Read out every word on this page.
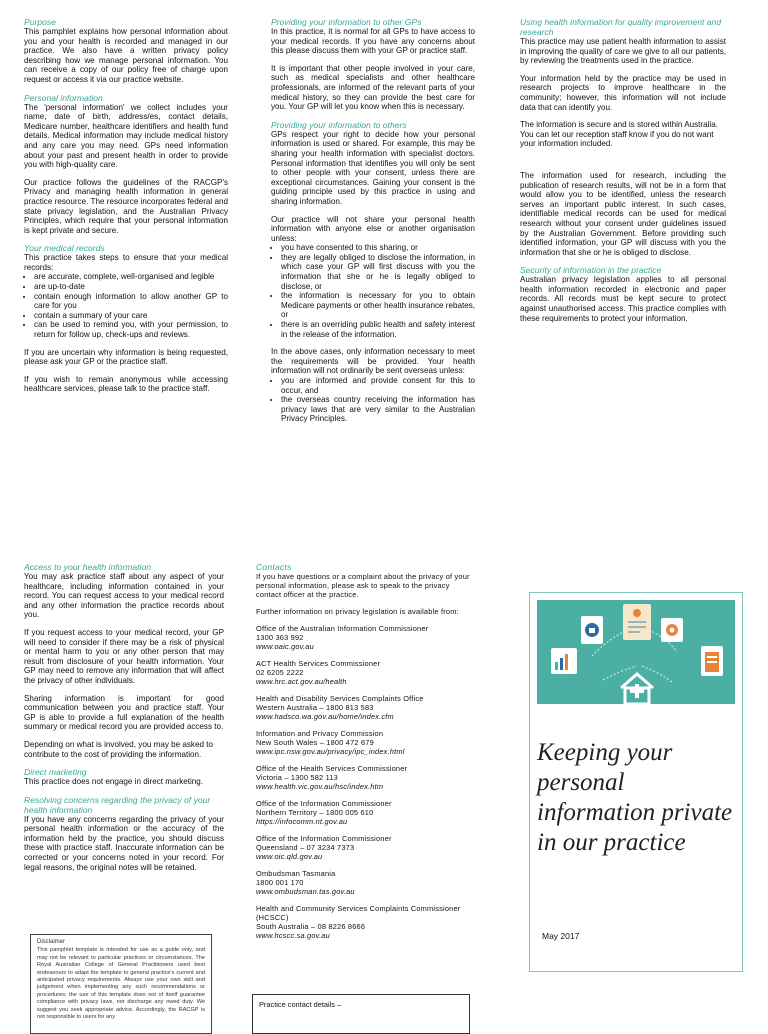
Purpose

This pamphlet explains how personal information about you and your health is recorded and managed in our practice. We also have a written privacy policy describing how we manage personal information. You can receive a copy of our policy free of charge upon request or access it via our practice website.

Personal information

The 'personal information' we collect includes your name, date of birth, address/es, contact details, Medicare number, healthcare identifiers and health fund details. Medical information may include medical history and any care you may need. GPs need information about your past and present health in order to provide you with high-quality care.

Our practice follows the guidelines of the RACGP's Privacy and managing health information in general practice resource. The resource incorporates federal and state privacy legislation, and the Australian Privacy Principles, which require that your personal information is kept private and secure.

Your medical records

This practice takes steps to ensure that your medical records:

• are accurate, complete, well-organised and legible
• are up-to-date
• contain enough information to allow another GP to care for you
• contain a summary of your care
• can be used to remind you, with your permission, to return for follow up, check-ups and reviews.

If you are uncertain why information is being requested, please ask your GP or the practice staff.

If you wish to remain anonymous while accessing healthcare services, please talk to the practice staff.

Providing your information to other GPs

In this practice, it is normal for all GPs to have access to your medical records. If you have any concerns about this please discuss them with your GP or practice staff.

It is important that other people involved in your care, such as medical specialists and other healthcare professionals, are informed of the relevant parts of your medical history, so they can provide the best care for you. Your GP will let you know when this is necessary.

Providing your information to others

GPs respect your right to decide how your personal information is used or shared. For example, this may be sharing your health information with specialist doctors. Personal information that identifies you will only be sent to other people with your consent, unless there are exceptional circumstances. Gaining your consent is the guiding principle used by this practice in using and sharing information.

Our practice will not share your personal health information with anyone else or another organisation unless:

• you have consented to this sharing, or
• they are legally obliged to disclose the information, in which case your GP will first discuss with you the information that she or he is legally obliged to disclose, or
• the information is necessary for you to obtain Medicare payments or other health insurance rebates, or
• there is an overriding public health and safety interest in the release of the information.

In the above cases, only information necessary to meet the requirements will be provided. Your health information will not ordinarily be sent overseas unless:

• you are informed and provide consent for this to occur, and
• the overseas country receiving the information has privacy laws that are very similar to the Australian Privacy Principles.
Using health information for quality improvement and research

This practice may use patient health information to assist in improving the quality of care we give to all our patients, by reviewing the treatments used in the practice.

Your information held by the practice may be used in research projects to improve healthcare in the community; however, this information will not include data that can identify you.

The information is secure and is stored within Australia. You can let our reception staff know if you do not want your information included.

The information used for research, including the publication of research results, will not be in a form that would allow you to be identified, unless the research serves an important public interest. In such cases, identifiable medical records can be used for medical research without your consent under guidelines issued by the Australian Government. Before providing such identified information, your GP will discuss with you the information that she or he is obliged to disclose.

Security of information in the practice

Australian privacy legislation applies to all personal health information recorded in electronic and paper records. All records must be kept secure to protect against unauthorised access. This practice complies with these requirements to protect your information.

Access to your health information

You may ask practice staff about any aspect of your healthcare, including information contained in your record. You can request access to your medical record and any other information the practice records about you.

If you request access to your medical record, your GP will need to consider if there may be a risk of physical or mental harm to you or any other person that may result from disclosure of your health information. Your GP may need to remove any information that will affect the privacy of other individuals.

Sharing information is important for good communication between you and practice staff. Your GP is able to provide a full explanation of the health summary or medical record you are provided access to.

Depending on what is involved, you may be asked to contribute to the cost of providing the information.

Direct marketing

This practice does not engage in direct marketing.

Resolving concerns regarding the privacy of your health information

If you have any concerns regarding the privacy of your personal health information or the accuracy of the information held by the practice, you should discuss these with practice staff. Inaccurate information can be corrected or your concerns noted in your record. For legal reasons, the original notes will be retained.

Disclaimer
This pamphlet template is intended for use as a guide only, and may not be relevant to particular practices or circumstances. The Royal Australian College of General Practitioners used best endeavours to adapt the template to general practice's current and anticipated privacy requirements. Always use your own skill and judgement when implementing any such recommendations or procedures; the use of this template does not of itself guarantee compliance with privacy laws, nor discharge any owed duty. We suggest you seek appropriate advice. Accordingly, the RACGP is not responsible to users for any
Contacts

If you have questions or a complaint about the privacy of your personal information, please ask to speak to the privacy contact officer at the practice.

Further information on privacy legislation is available from:

Office of the Australian Information Commissioner
1300 363 992
www.oaic.gov.au
ACT Health Services Commissioner
02 6205 2222
www.hrc.act.gov.au/health
Health and Disability Services Complaints Office
Western Australia – 1800 813 583
www.hadsco.wa.gov.au/home/index.cfm
Information and Privacy Commission
New South Wales – 1800 472 679
www.ipc.nsw.gov.au/privacy/ipc_index.html
Office of the Health Services Commissioner
Victoria – 1300 582 113
www.health.vic.gov.au/hsc/index.htm
Office of the Information Commissioner
Northern Territory – 1800 005 610
https://infocomm.nt.gov.au
Office of the Information Commissioner
Queensland – 07 3234 7373
www.oic.qld.gov.au
Ombudsman Tasmania
1800 001 170
www.ombudsman.tas.gov.au
Health and Community Services Complaints Commissioner (HCSCC)
South Australia – 08 8226 8666
www.hcscc.sa.gov.au
Practice contact details –
Keeping your personal information private in our practice
May 2017
